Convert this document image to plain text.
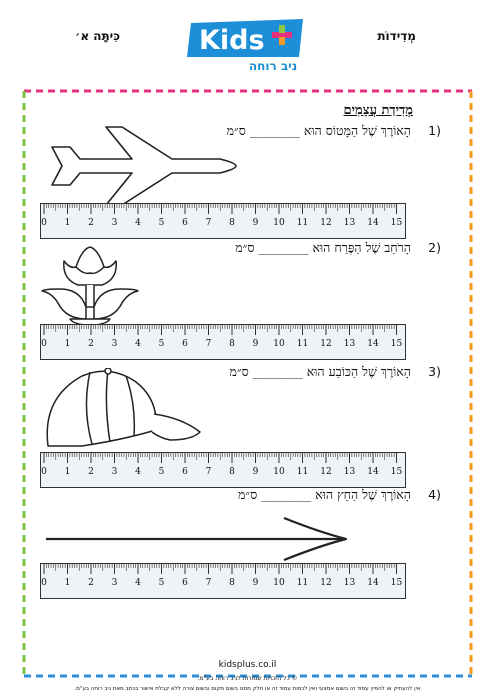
מְדִידוֹת
כִּיתָּה א׳	Kids
ניב רוחה
מְדִידַת עֲצָמִים
1)
הָאוֹרֶךְ שֶׁל הַמָּטוֹס הוּא ________ ס״מ
0 1 2 3 4 5 6 7 8 9 10 11 12 13 14 15
2)
הָרֹחַב שֶׁל הַפֶּרַח הוּא ________ ס״מ
0 1 2 3 4 5 6 7 8 9 10 11 12 13 14 15
3)
הָאוֹרֶךְ שֶׁל הַכּוֹבַע הוּא ________ ס״מ
0 1 2 3 4 5 6 7 8 9 10 11 12 13 14 15
4)
הָאוֹרֶךְ שֶׁל הַחֵץ הוּא ________ ס״מ
0 1 2 3 4 5 6 7 8 9 10 11 12 13 14 15
kidsplus.co.il
© כל הזכויות שמורות לניב רוחה בע"מ.
אין להעתיק או להפיץ עמוד זה בשום אמצעי ואין לכסות עמוד זה או חלק ממנו בשום מקום ובשום צורה ללא קבלת אישור בכתב מאת ניב רוחה בע"מ.
